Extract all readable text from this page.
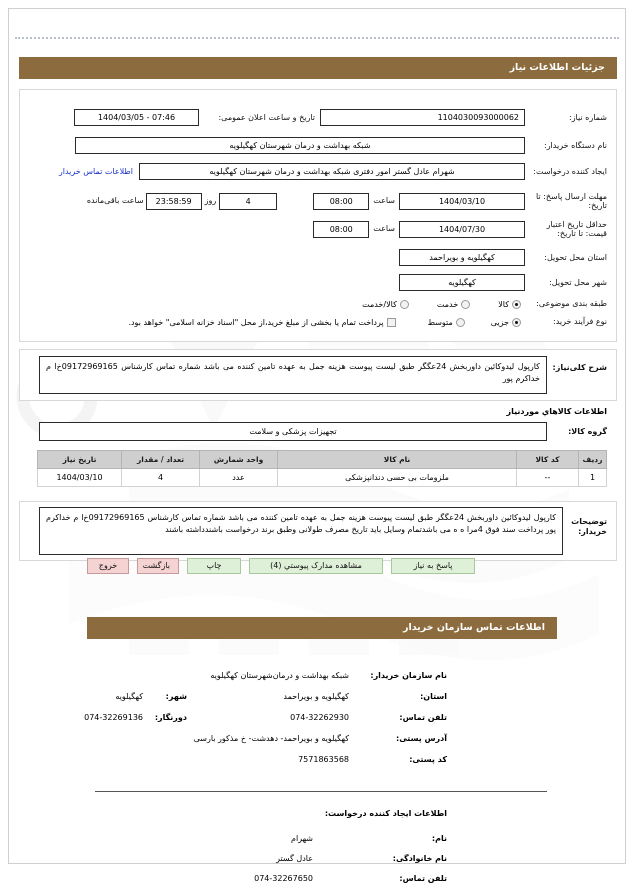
جزئيات اطلاعات نياز
شماره نياز:
1104030093000062
تاریخ و ساعت اعلان عمومی:
1404/03/05 - 07:46
نام دستگاه خریدار:
شبکه بهداشت و درمان شهرستان کهگیلویه
ایجاد کننده درخواست:
شهرام عادل گستر امور دفتری شبکه بهداشت و درمان شهرستان کهگیلویه
اطلاعات تماس خریدار
مهلت ارسال پاسخ: تا تاریخ:
1404/03/10
ساعت
08:00
4
روز
23:58:59
ساعت باقی‌مانده
حداقل تاریخ اعتبار قیمت: تا تاریخ:
1404/07/30
ساعت
08:00
استان محل تحویل:
کهگیلویه و بویراحمد
شهر محل تحویل:
کهگیلویه
طبقه بندی موضوعی:
کالا
خدمت
کالا/خدمت
نوع فرآیند خرید:
جزیی
متوسط
پرداخت تمام یا بخشی از مبلغ خرید،از محل "اسناد خزانه اسلامی" خواهد بود.
شرح کلی‌نیاز:
کارپول لیدوکائین داوربخش 24عگگر طبق لیست پیوست هزینه جمل به عهده تامین کننده می باشد شماره تماس کارشناس 09172969165خ‌ا م خداکرم پور
اطلاعات كالاهاي موردنياز
گروه کالا:
تجهیزات پزشکی و سلامت
ردیف	کد کالا	نام کالا	واحد شمارش	تعداد / مقدار	تاریخ نیاز
1	--	ملزومات بی حسی دندانپزشکی	عدد	4	1404/03/10
توضیحات خریدار:
کارپول لیدوکائین داوربخش 24عگگر طبق لیست پیوست هزینه جمل به عهده تامین کننده می باشد شماره تماس کارشناس 09172969165خ‌ا م خداکرم پور پرداخت سند فوق 4مرا ه ه می باشدتمام وسایل باید تاریخ مصرف طولانی وطبق برند درخواست باشندداشته باشند
پاسخ به نیاز
مشاهده مدارک پيوستي (4)
چاپ
بازگشت
خروج
اطلاعات تماس سازمان خريدار
نام سازمان خریدار:
شبکه بهداشت و درمان‌شهرستان کهگیلویه
استان:
کهگیلویه و بویراحمد
شهر:
کهگیلویه
تلفن تماس:
074-32262930
دورنگار:
074-32269136
آدرس پستی:
کهگیلویه و بویراحمد- دهدشت- خ مذکور بارسی
کد پستی:
7571863568
اطلاعات ایجاد کننده درخواست:
نام:
شهرام
نام خانوادگی:
عادل گستر
تلفن تماس:
074-32267650
